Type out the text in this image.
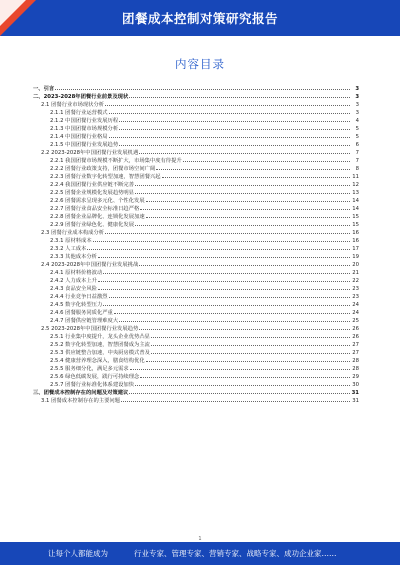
团餐成本控制对策研究报告
内容目录
一、引言	3
二、2023-2028年团餐行业前景及现状	3
2.1 团餐行业市场现状分析	3
2.1.1 团餐行业运营模式	3
2.1.2 中国团餐行业发展历程	4
2.1.3 中国团餐市场规模分析	5
2.1.4 中国团餐行业格局	5
2.1.5 中国团餐行业发展趋势	6
2.2 2023-2028年中国团餐行业发展机遇	7
2.2.1 我国团餐市场规模不断扩大，市场集中度有待提升	7
2.2.2 团餐行业政策支持，团餐市场空间广阔	8
2.2.3 团餐行业数字化转型加速，智慧团餐兴起	11
2.2.4 我国团餐行业供应链不断完善	12
2.2.5 团餐企业规模化发展趋势明显	13
2.2.6 团餐需求呈现多元化、个性化发展	14
2.2.7 团餐行业食品安全标准日趋严格	14
2.2.8 团餐企业品牌化、连锁化发展加速	15
2.2.9 团餐行业绿色化、健康化发展	15
2.3 团餐行业成本构成分析	16
2.3.1 原材料成本	16
2.3.2 人工成本	17
2.3.3 其他成本分析	19
2.4 2023-2028年中国团餐行业发展挑战	20
2.4.1 原材料价格波动	21
2.4.2 人力成本上升	22
2.4.3 食品安全风险	23
2.4.4 行业竞争日益激烈	23
2.4.5 数字化转型压力	24
2.4.6 团餐服务同质化严重	24
2.4.7 团餐供应链管理难度大	25
2.5 2023-2028年中国团餐行业发展趋势	26
2.5.1 行业集中度提升，龙头企业优势凸显	26
2.5.2 数字化转型加速，智慧团餐成为主流	27
2.5.3 供应链整合加速，中央厨房模式普及	27
2.5.4 健康营养理念深入，膳食结构优化	28
2.5.5 服务细分化，满足多元需求	28
2.5.6 绿色低碳发展，践行可持续理念	29
2.5.7 团餐行业标准化体系建设加快	30
三、团餐成本控制存在的问题及对策建议	31
3.1 团餐成本控制存在的主要问题	31
1
让每个人都能成为	行业专家、管理专家、营销专家、战略专家、成功企业家……
